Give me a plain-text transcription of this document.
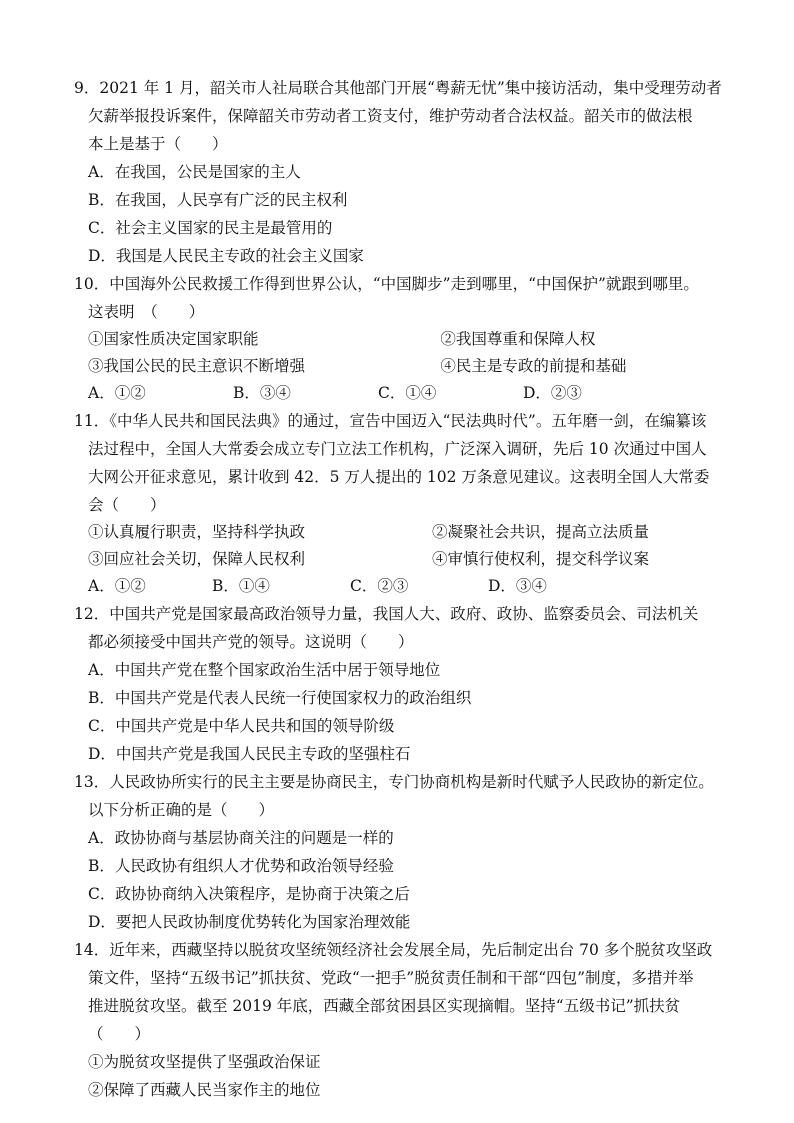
9．2021 年 1 月，韶关市人社局联合其他部门开展“粤薪无忧”集中接访活动，集中受理劳动者

欠薪举报投诉案件，保障韶关市劳动者工资支付，维护劳动者合法权益。韶关市的做法根

本上是基于（　　）

A．在我国，公民是国家的主人

B．在我国，人民享有广泛的民主权利

C．社会主义国家的民主是最管用的

D．我国是人民民主专政的社会主义国家

10．中国海外公民救援工作得到世界公认，“中国脚步”走到哪里，“中国保护”就跟到哪里。

这表明　（　　）

①国家性质决定国家职能	②我国尊重和保障人权
③我国公民的民主意识不断增强	④民主是专政的前提和基础
A．①②	B．③④	C．①④	D．②③

11．《中华人民共和国民法典》的通过，宣告中国迈入“民法典时代”。五年磨一剑，在编纂该

法过程中，全国人大常委会成立专门立法工作机构，广泛深入调研，先后 10 次通过中国人

大网公开征求意见，累计收到 42．5 万人提出的 102 万条意见建议。这表明全国人大常委

会（　　）

①认真履行职责，坚持科学执政	②凝聚社会共识，提高立法质量
③回应社会关切，保障人民权利	④审慎行使权利，提交科学议案
A．①②	B．①④	C．②③	D．③④

12．中国共产党是国家最高政治领导力量，我国人大、政府、政协、监察委员会、司法机关

都必须接受中国共产党的领导。这说明（　　）

A．中国共产党在整个国家政治生活中居于领导地位

B．中国共产党是代表人民统一行使国家权力的政治组织

C．中国共产党是中华人民共和国的领导阶级

D．中国共产党是我国人民民主专政的坚强柱石

13．人民政协所实行的民主主要是协商民主，专门协商机构是新时代赋予人民政协的新定位。

以下分析正确的是（　　）

A．政协协商与基层协商关注的问题是一样的

B．人民政协有组织人才优势和政治领导经验

C．政协协商纳入决策程序，是协商于决策之后

D．要把人民政协制度优势转化为国家治理效能

14．近年来，西藏坚持以脱贫攻坚统领经济社会发展全局，先后制定出台 70 多个脱贫攻坚政

策文件，坚持“五级书记”抓扶贫、党政“一把手”脱贫责任制和干部“四包”制度，多措并举

推进脱贫攻坚。截至 2019 年底，西藏全部贫困县区实现摘帽。坚持“五级书记”抓扶贫

（　　）

①为脱贫攻坚提供了坚强政治保证

②保障了西藏人民当家作主的地位
